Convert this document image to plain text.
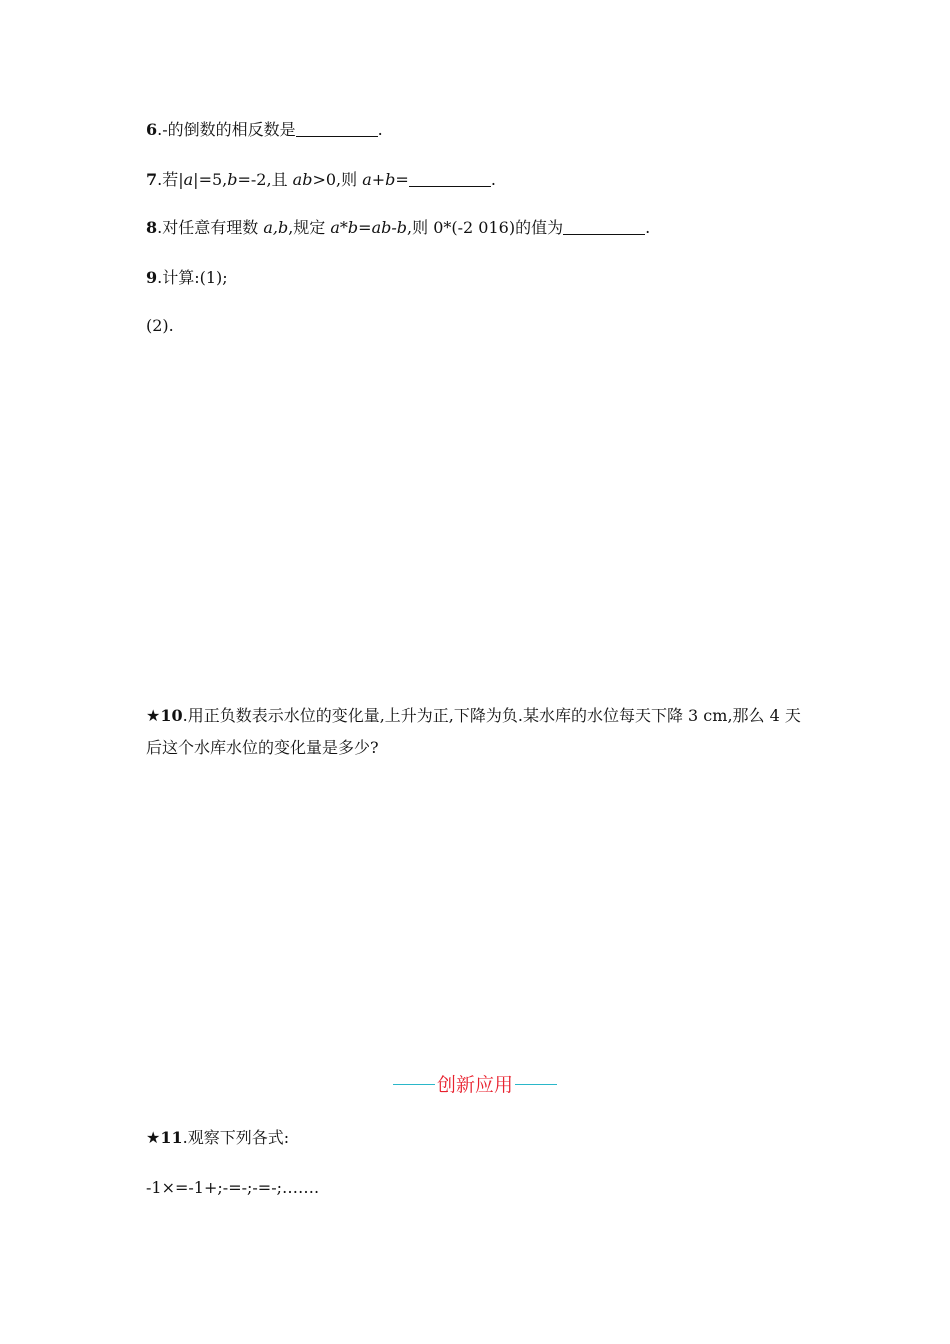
6.-的倒数的相反数是	.
7.若|a|=5,b=-2,且 ab>0,则 a+b=	.
8.对任意有理数 a,b,规定 a*b=ab-b,则 0*(-2 016)的值为	.
9.计算:(1);
(2).
★10.用正负数表示水位的变化量,上升为正,下降为负.某水库的水位每天下降 3 cm,那么 4 天
后这个水库水位的变化量是多少?
创新应用
★11.观察下列各式:
-1×=-1+;-=-;-=-;…….
